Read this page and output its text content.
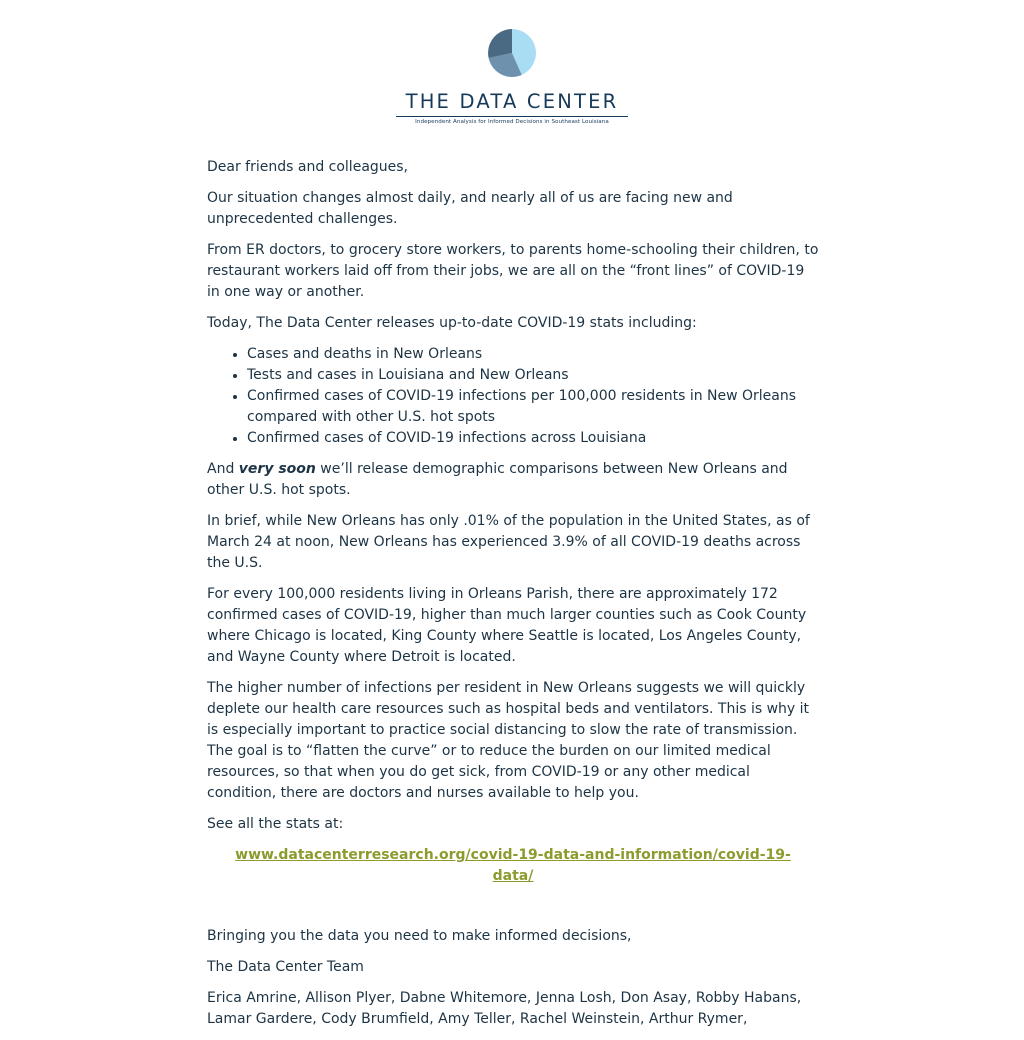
THE DATA CENTER
Independent Analysis for Informed Decisions in Southeast Louisiana

Dear friends and colleagues,

Our situation changes almost daily, and nearly all of us are facing new and unprecedented challenges.

From ER doctors, to grocery store workers, to parents home-schooling their children, to restaurant workers laid off from their jobs, we are all on the “front lines” of COVID-19 in one way or another.

Today, The Data Center releases up-to-date COVID-19 stats including:

• Cases and deaths in New Orleans
• Tests and cases in Louisiana and New Orleans
• Confirmed cases of COVID-19 infections per 100,000 residents in New Orleans compared with other U.S. hot spots
• Confirmed cases of COVID-19 infections across Louisiana

And very soon we’ll release demographic comparisons between New Orleans and other U.S. hot spots.

In brief, while New Orleans has only .01% of the population in the United States, as of March 24 at noon, New Orleans has experienced 3.9% of all COVID-19 deaths across the U.S.

For every 100,000 residents living in Orleans Parish, there are approximately 172 confirmed cases of COVID-19, higher than much larger counties such as Cook County where Chicago is located, King County where Seattle is located, Los Angeles County, and Wayne County where Detroit is located.

The higher number of infections per resident in New Orleans suggests we will quickly deplete our health care resources such as hospital beds and ventilators. This is why it is especially important to practice social distancing to slow the rate of transmission. The goal is to “flatten the curve” or to reduce the burden on our limited medical resources, so that when you do get sick, from COVID-19 or any other medical condition, there are doctors and nurses available to help you.

See all the stats at:

www.datacenterresearch.org/covid-19-data-and-information/covid-19-data/

Bringing you the data you need to make informed decisions,

The Data Center Team

Erica Amrine, Allison Plyer, Dabne Whitemore, Jenna Losh, Don Asay, Robby Habans, Lamar Gardere, Cody Brumfield, Amy Teller, Rachel Weinstein, Arthur Rymer,
